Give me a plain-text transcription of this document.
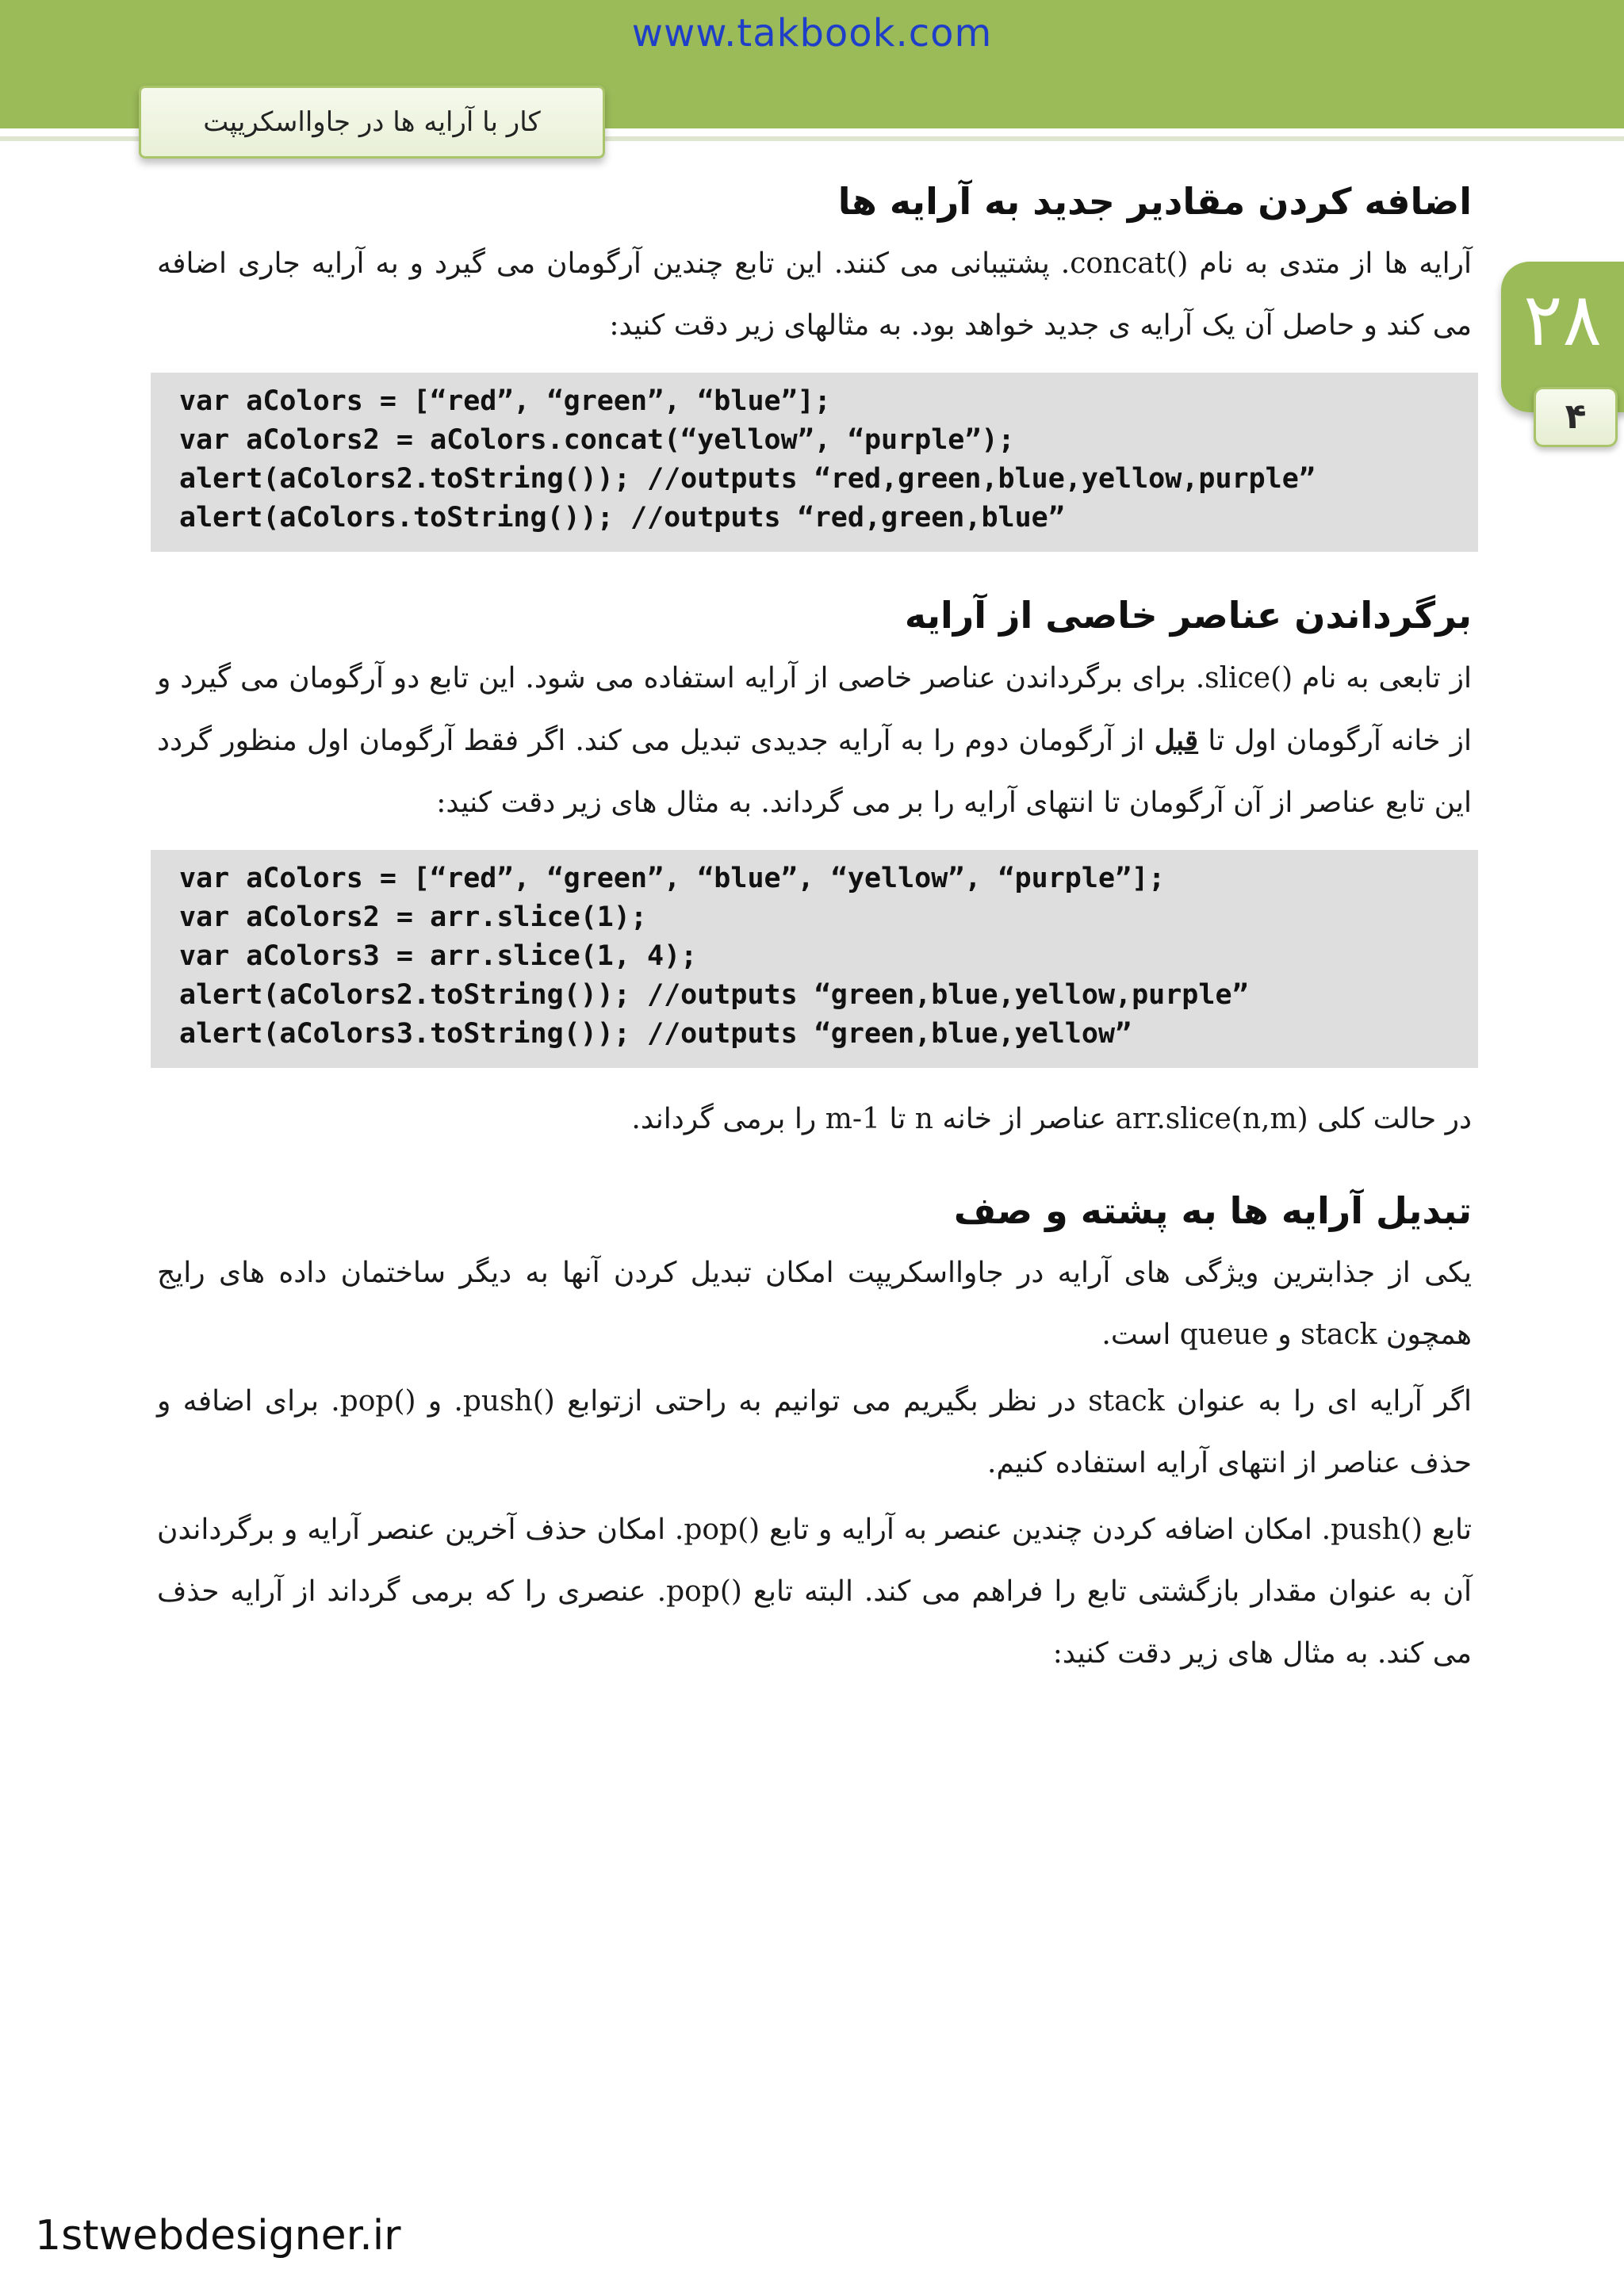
www.takbook.com
کار با آرایه ها در جاوااسکریپت
۲۸
۴
اضافه کردن مقادیر جدید به آرایه ها

آرایه ها از متدی به نام ()concat. پشتیبانی می کنند. این تابع چندین آرگومان می گیرد و به آرایه جاری اضافه می کند و حاصل آن یک آرایه ی جدید خواهد بود. به مثالهای زیر دقت کنید:

var aColors = [“red”, “green”, “blue”];
var aColors2 = aColors.concat(“yellow”, “purple”);
alert(aColors2.toString()); //outputs “red,green,blue,yellow,purple”
alert(aColors.toString()); //outputs “red,green,blue”
برگرداندن عناصر خاصی از آرایه

از تابعی به نام ()slice. برای برگرداندن عناصر خاصی از آرایه استفاده می شود. این تابع دو آرگومان می گیرد و از خانه آرگومان اول تا قبل از آرگومان دوم را به آرایه جدیدی تبدیل می کند. اگر فقط آرگومان اول منظور گردد این تابع عناصر از آن آرگومان تا انتهای آرایه را بر می گرداند. به مثال های زیر دقت کنید:

var aColors = [“red”, “green”, “blue”, “yellow”, “purple”];
var aColors2 = arr.slice(1);
var aColors3 = arr.slice(1, 4);
alert(aColors2.toString()); //outputs “green,blue,yellow,purple”
alert(aColors3.toString()); //outputs “green,blue,yellow”

در حالت کلی arr.slice(n,m) عناصر از خانه n تا m-1 را برمی گرداند.

تبدیل آرایه ها به پشته و صف

یکی از جذابترین ویژگی های آرایه در جاوااسکریپت امکان تبدیل کردن آنها به دیگر ساختمان داده های رایج همچون stack و queue است.

اگر آرایه ای را به عنوان stack در نظر بگیریم می توانیم به راحتی ازتوابع ()push. و ()pop. برای اضافه و حذف عناصر از انتهای آرایه استفاده کنیم.

تابع ()push. امکان اضافه کردن چندین عنصر به آرایه و تابع ()pop. امکان حذف آخرین عنصر آرایه و برگرداندن آن به عنوان مقدار بازگشتی تابع را فراهم می کند. البته تابع ()pop. عنصری را که برمی گرداند از آرایه حذف می کند. به مثال های زیر دقت کنید:

1stwebdesigner.ir
